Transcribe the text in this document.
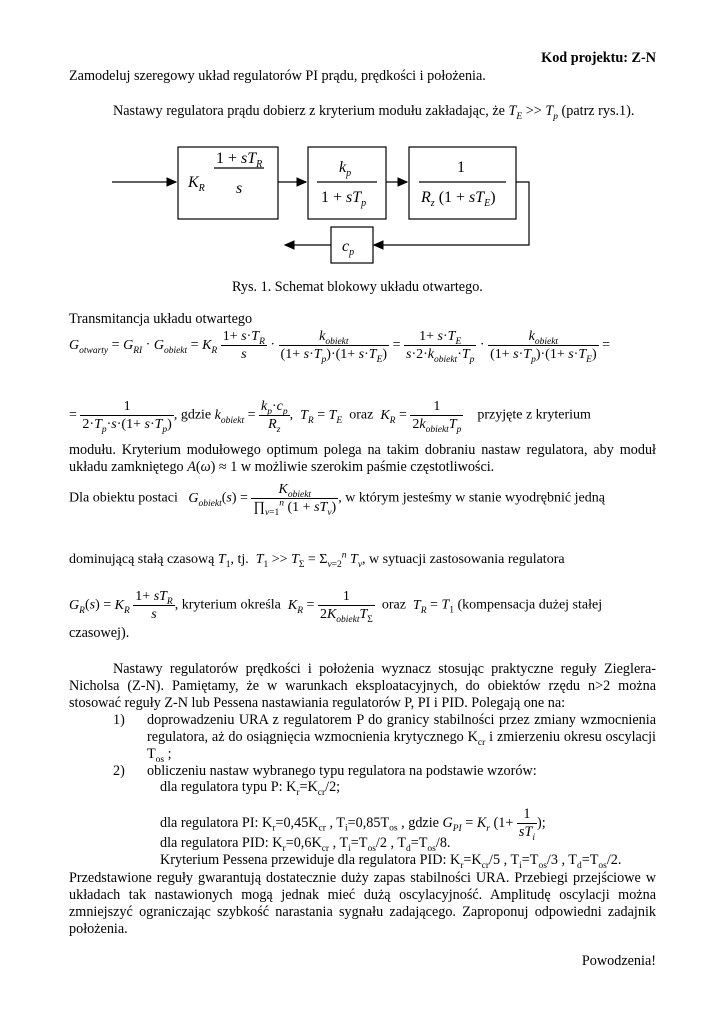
Kod projektu: Z-N
Zamodeluj szeregowy układ regulatorów PI prądu, prędkości i położenia.
Nastawy regulatora prądu dobierz z kryterium modułu zakładając, że $T_E >> T_p$ (patrz rys.1).
$K_R$
$1 + sT_R$
s
$k_p$
$1 + sT_p$
1
$R_z$ $(1 + sT_E)$
$c_p$
Rys. 1. Schemat blokowy układu otwartego.
Transmitancja układu otwartego
$G_{otwarty} = G_{RI} \cdot G_{obiekt} = K_R \frac{1+ s\cdot T_R}{s}$ ·
$k_{obiekt}$
$(1+ s\cdot T_p)\cdot(1+ s\cdot T_E)$
=
$1+ s\cdot T_E$
$s\cdot 2\cdot k_{obiekt}\cdot T_p$
·
$k_{obiekt}$
$(1+ s\cdot T_p)\cdot(1+ s\cdot T_E)$
=
= $\frac{1}{2\cdot T_p\cdot s\cdot(1+ s\cdot T_p)}$ , gdzie $k_{obiekt} = \frac{k_p\cdot c_p}{R_z}$ ,  $T_R = T_E$ oraz $K_R$ =
1
$2k_{obiekt}T_p$
przyjęte z kryterium
modułu. Kryterium modułowego optimum polega na takim dobraniu nastaw regulatora, aby moduł układu zamkniętego A(ω) ≈ 1 w możliwie szerokim paśmie częstotliwości.
Dla obiektu postaci $G_{obiekt}(s)$ =
$K_{obiekt}$
$\prod_{\nu=1}^n$ $(1 + sT_\nu)$
, w którym jesteśmy w stanie wyodrębnić jedną
dominującą stałą czasową $T_1$, tj. $T_1 >> T_\Sigma = \Sigma_{\nu=2}^n$ $T_\nu$, w sytuacji zastosowania regulatora
$G_R(s) = K_R$
$1+ sT_R$
s
, kryterium określa $K_R$ =
1
$2K_{obiekt}T_\Sigma$
oraz $T_R = T_1$ (kompensacja dużej stałej
Nastawy regulatorów prędkości i położenia wyznacz stosując praktyczne reguły Zieglera-Nicholsa (Z-N). Pamiętamy, że w warunkach eksploatacyjnych, do obiektów rzędu n>2 można stosować reguły Z-N lub Pessena nastawiania regulatorów P, PI i PID. Polegają one na:
1) doprowadzeniu URA z regulatorem P do granicy stabilności przez zmiany wzmocnienia regulatora, aż do osiągnięcia wzmocnienia krytycznego $K_{cr}$ i zmierzeniu okresu oscylacji $T_{os}$ ;
2) obliczeniu nastaw wybranego typu regulatora na podstawie wzorów:
dla regulatora typu P: $K_r=K_{cr}/2$;
dla regulatora PI: $K_r=0,45K_{cr}$ , $T_i=0,85T_{os}$ , gdzie $G_{PI} = K_r$ (1+
1
$sT_i$
);
dla regulatora PID: $K_r=0,6K_{cr}$ , $T_i=T_{os}/2$ , $T_d=T_{os}/8$.
Kryterium Pessena przewiduje dla regulatora PID: $K_r=K_{cr}/5$ , $T_i=T_{os}/3$ , $T_d=T_{os}/2$.
Przedstawione reguły gwarantują dostatecznie duży zapas stabilności URA. Przebiegi przejściowe w układach tak nastawionych mogą jednak mieć dużą oscylacyjność. Amplitudę oscylacji można zmniejszyć ograniczając szybkość narastania sygnału zadającego. Zaproponuj odpowiedni zadajnik położenia.
Powodzenia!
czasowej).
